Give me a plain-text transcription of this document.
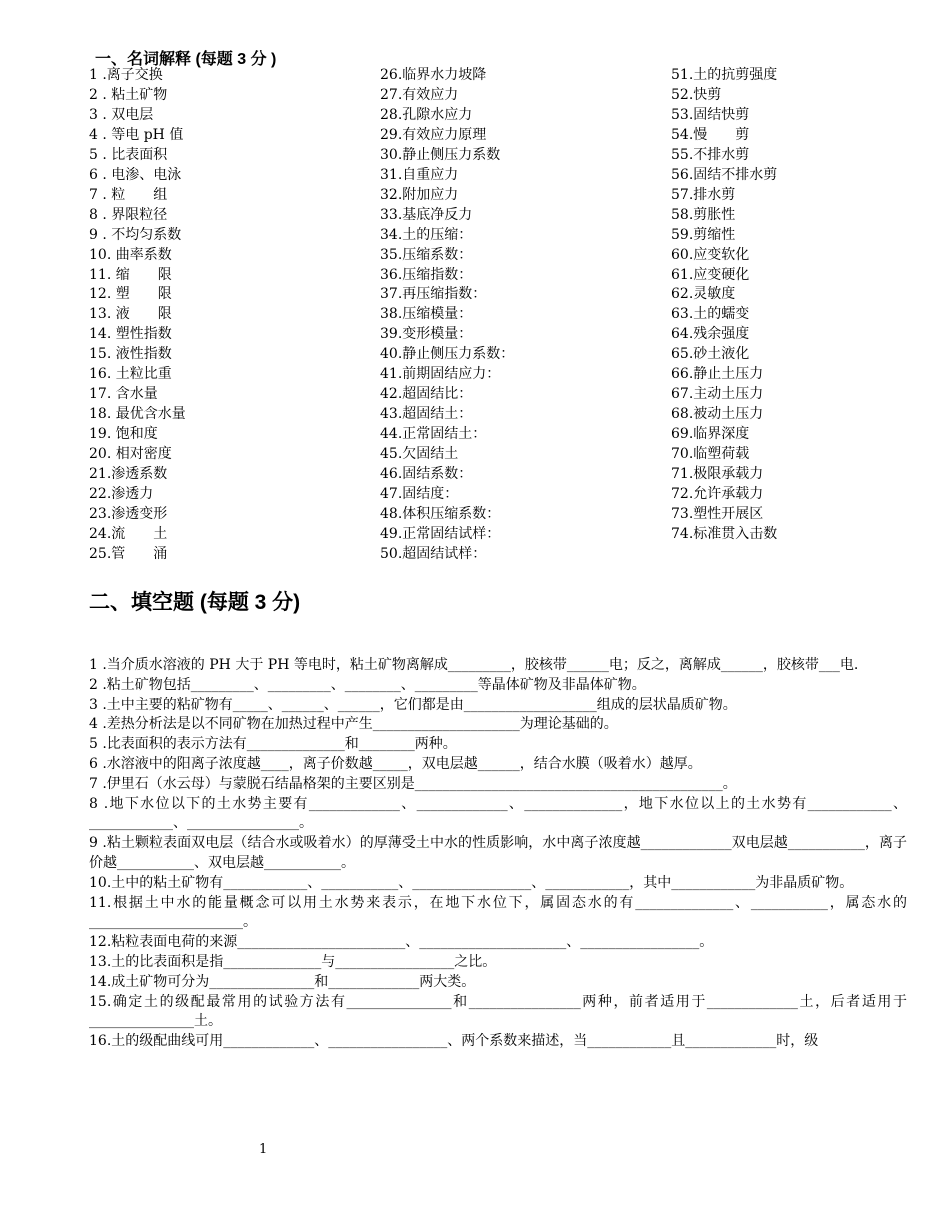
一、名词解释 (每题 3 分 )
1 .离子交换
2 . 粘土矿物
3 . 双电层
4 . 等电 pH 值
5 . 比表面积
6 . 电渗、电泳
7 . 粒　　组
8 . 界限粒径
9 . 不均匀系数
10. 曲率系数
11. 缩　　限
12. 塑　　限
13. 液　　限
14. 塑性指数
15. 液性指数
16. 土粒比重
17. 含水量
18. 最优含水量
19. 饱和度
20. 相对密度
21.渗透系数
22.渗透力
23.渗透变形
24.流　　土
25.管　　涌
26.临界水力坡降
27.有效应力
28.孔隙水应力
29.有效应力原理
30.静止侧压力系数
31.自重应力
32.附加应力
33.基底净反力
34.土的压缩：
35.压缩系数：
36.压缩指数：
37.再压缩指数：
38.压缩模量：
39.变形模量：
40.静止侧压力系数：
41.前期固结应力：
42.超固结比：
43.超固结土：
44.正常固结土：
45.欠固结土
46.固结系数：
47.固结度：
48.体积压缩系数：
49.正常固结试样：
50.超固结试样：
51.土的抗剪强度
52.快剪
53.固结快剪
54.慢　　剪
55.不排水剪
56.固结不排水剪
57.排水剪
58.剪胀性
59.剪缩性
60.应变软化
61.应变硬化
62.灵敏度
63.土的蠕变
64.残余强度
65.砂土液化
66.静止土压力
67.主动土压力
68.被动土压力
69.临界深度
70.临塑荷载
71.极限承载力
72.允许承载力
73.塑性开展区
74.标准贯入击数
二、填空题 (每题 3 分)

1 .当介质水溶液的 PH 大于 PH 等电时，粘土矿物离解成_________，胶核带______电；反之，离解成______，胶核带___电.

2 .粘土矿物包括_________、_________、________、_________等晶体矿物及非晶体矿物。

3 .土中主要的粘矿物有_____、______、______，它们都是由___________________组成的层状晶质矿物。

4 .差热分析法是以不同矿物在加热过程中产生_____________________为理论基础的。

5 .比表面积的表示方法有______________和________两种。

6 .水溶液中的阳离子浓度越____，离子价数越_____，双电层越______，结合水膜（吸着水）越厚。

7 .伊里石（水云母）与蒙脱石结晶格架的主要区别是____________________________________________。

8 .地下水位以下的土水势主要有_____________、_____________、______________，地下水位以上的土水势有____________、____________、________________。

9 .粘土颗粒表面双电层（结合水或吸着水）的厚薄受土中水的性质影响，水中离子浓度越_____________双电层越___________，离子价越___________、双电层越___________。

10.土中的粘土矿物有____________、___________、_________________、____________，其中____________为非晶质矿物。

11.根据土中水的能量概念可以用土水势来表示，在地下水位下，属固态水的有______________、___________，属态水的______________________。

12.粘粒表面电荷的来源________________________、_____________________、_________________。

13.土的比表面积是指______________与_________________之比。

14.成土矿物可分为_______________和_____________两大类。

15.确定土的级配最常用的试验方法有_______________和________________两种，前者适用于_____________土，后者适用于_______________土。

16.土的级配曲线可用_____________、_________________、两个系数来描述，当____________且_____________时，级

1
